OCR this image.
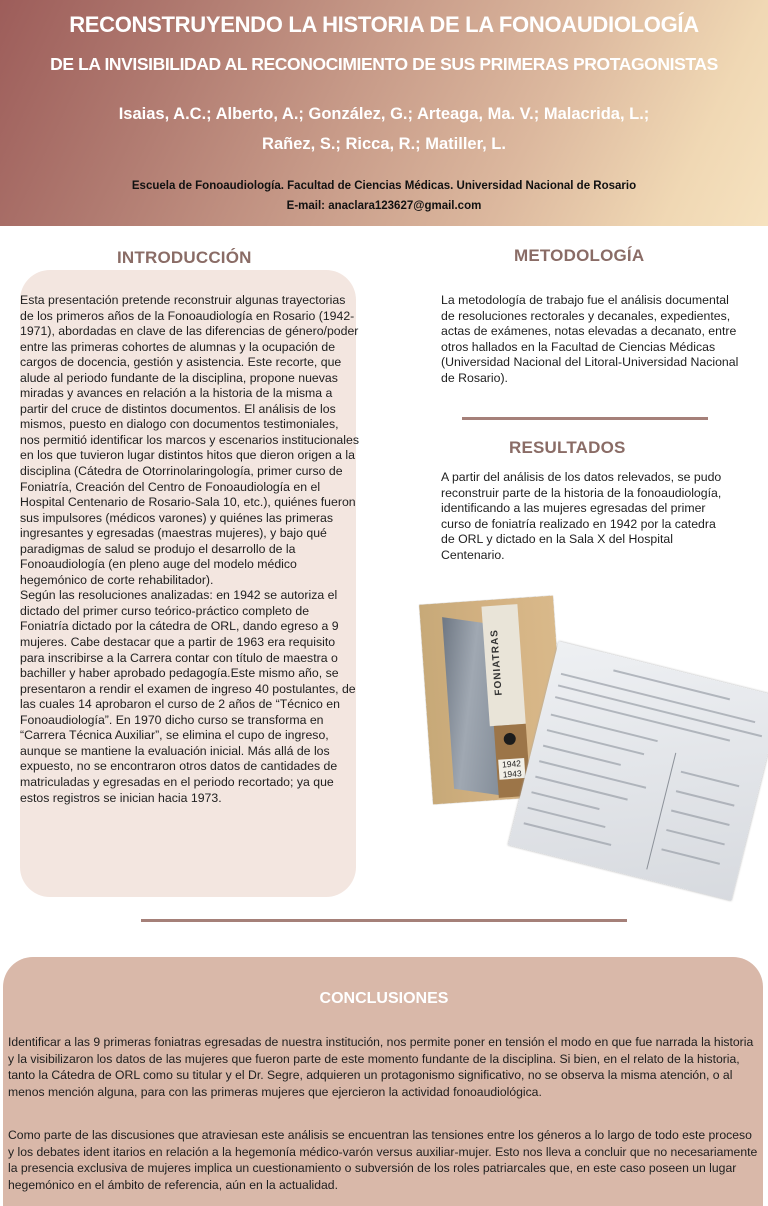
RECONSTRUYENDO LA HISTORIA DE LA FONOAUDIOLOGÍA
DE LA INVISIBILIDAD AL RECONOCIMIENTO DE SUS PRIMERAS PROTAGONISTAS
Isaias, A.C.; Alberto, A.; González, G.; Arteaga, Ma. V.; Malacrida, L.;
Rañez, S.; Ricca, R.; Matiller, L.
Escuela de Fonoaudiología. Facultad de Ciencias Médicas. Universidad Nacional de Rosario
E-mail: anaclara123627@gmail.com
INTRODUCCIÓN
Esta presentación pretende reconstruir algunas trayectorias de los primeros años de la Fonoaudiología en Rosario (1942-1971), abordadas en clave de las diferencias de género/poder entre las primeras cohortes de alumnas y la ocupación de cargos de docencia, gestión y asistencia. Este recorte, que alude al periodo fundante de la disciplina, propone nuevas miradas y avances en relación a la historia de la misma a partir del cruce de distintos documentos. El análisis de los mismos, puesto en dialogo con documentos testimoniales, nos permitió identificar los marcos y escenarios institucionales en los que tuvieron lugar distintos hitos que dieron origen a la disciplina (Cátedra de Otorrinolaringología, primer curso de Foniatría, Creación del Centro de Fonoaudiología en el Hospital Centenario de Rosario-Sala 10, etc.), quiénes fueron sus impulsores (médicos varones) y quiénes las primeras ingresantes y egresadas (maestras mujeres), y bajo qué paradigmas de salud se produjo el desarrollo de la Fonoaudiología (en pleno auge del modelo médico hegemónico de corte rehabilitador).
Según las resoluciones analizadas: en 1942 se autoriza el dictado del primer curso teórico-práctico completo de Foniatría dictado por la cátedra de ORL, dando egreso a 9 mujeres. Cabe destacar que a partir de 1963 era requisito para inscribirse a la Carrera contar con título de maestra o bachiller y haber aprobado pedagogía.Este mismo año, se presentaron a rendir el examen de ingreso 40 postulantes, de las cuales 14 aprobaron el curso de 2 años de “Técnico en Fonoaudiología”. En 1970 dicho curso se transforma en “Carrera Técnica Auxiliar”, se elimina el cupo de ingreso, aunque se mantiene la evaluación inicial. Más allá de los expuesto, no se encontraron otros datos de cantidades de matriculadas y egresadas en el periodo recortado; ya que estos registros se inician hacia 1973.
METODOLOGÍA
La metodología de trabajo fue el análisis documental de resoluciones rectorales y decanales, expedientes, actas de exámenes, notas elevadas a decanato, entre otros hallados en la Facultad de Ciencias Médicas (Universidad Nacional del Litoral-Universidad Nacional de Rosario).
RESULTADOS
A partir del análisis de los datos relevados, se pudo reconstruir parte de la historia de la fonoaudiología, identificando a las mujeres egresadas del primer curso de foniatría realizado en 1942 por la catedra de ORL y dictado en la Sala X del Hospital Centenario.
FONIATRAS
1942
1943
CONCLUSIONES
Identificar a las 9 primeras foniatras egresadas de nuestra institución, nos permite poner en tensión el modo en que fue narrada la historia y la visibilizaron los datos de las mujeres que fueron parte de este momento fundante de la disciplina. Si bien, en el relato de la historia, tanto la Cátedra de ORL como su titular y el Dr. Segre, adquieren un protagonismo significativo, no se observa la misma atención, o al menos mención alguna, para con las primeras mujeres que ejercieron la actividad fonoaudiológica.
Como parte de las discusiones que atraviesan este análisis se encuentran las tensiones entre los géneros a lo largo de todo este proceso y los debates ident itarios en relación a la hegemonía médico-varón versus auxiliar-mujer. Esto nos lleva a concluir que no necesariamente la presencia exclusiva de mujeres implica un cuestionamiento o subversión de los roles patriarcales que, en este caso poseen un lugar hegemónico en el ámbito de referencia, aún en la actualidad.
